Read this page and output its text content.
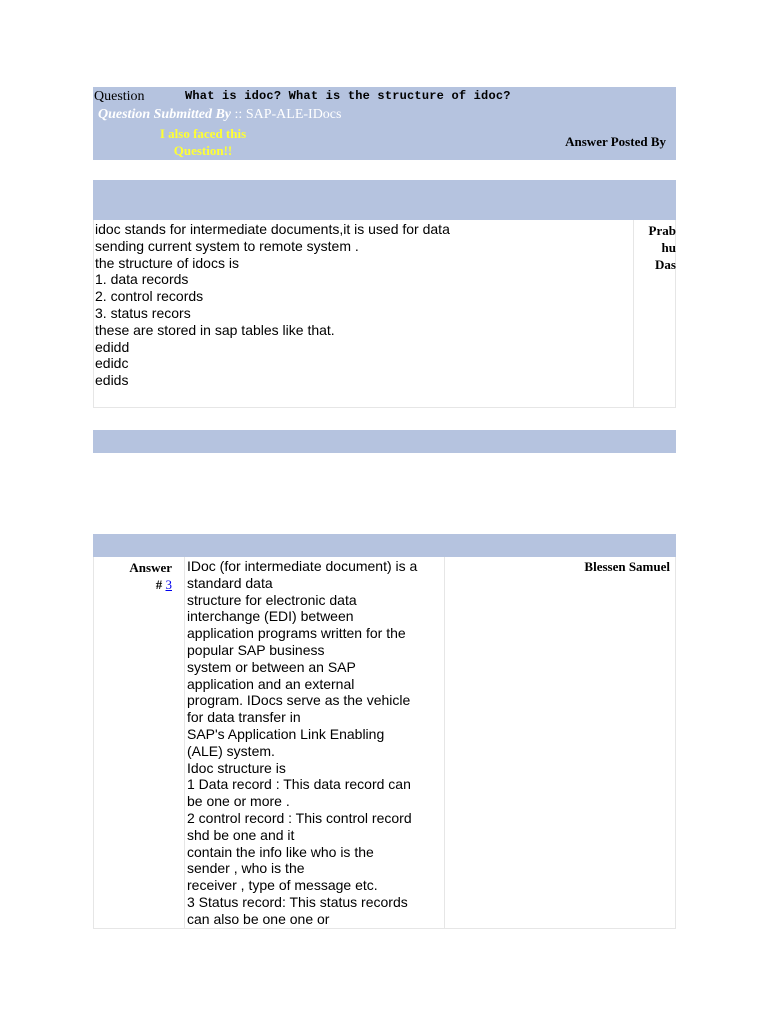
Question	What is idoc? What is the structure of idoc?
Question Submitted By :: SAP-ALE-IDocs
I also faced this
Question!!
Answer Posted By
idoc stands for intermediate documents,it is used for data
sending current system to remote system .
the structure of idocs is
1. data records
2. control records
3. status recors
these are stored in sap tables like that.
edidd
edidc
edids
Prab
hu
Das
Answer
# 3
IDoc (for intermediate document) is a
standard data
structure for electronic data
interchange (EDI) between
application programs written for the
popular SAP business
system or between an SAP
application and an external
program. IDocs serve as the vehicle
for data transfer in
SAP's Application Link Enabling
(ALE) system.
Idoc structure is
1 Data record : This data record can
be one or more .
2 control record : This control record
shd be one and it
contain the info like who is the
sender , who is the
receiver , type of message etc.
3 Status record: This status records
can also be one one or
Blessen Samuel
